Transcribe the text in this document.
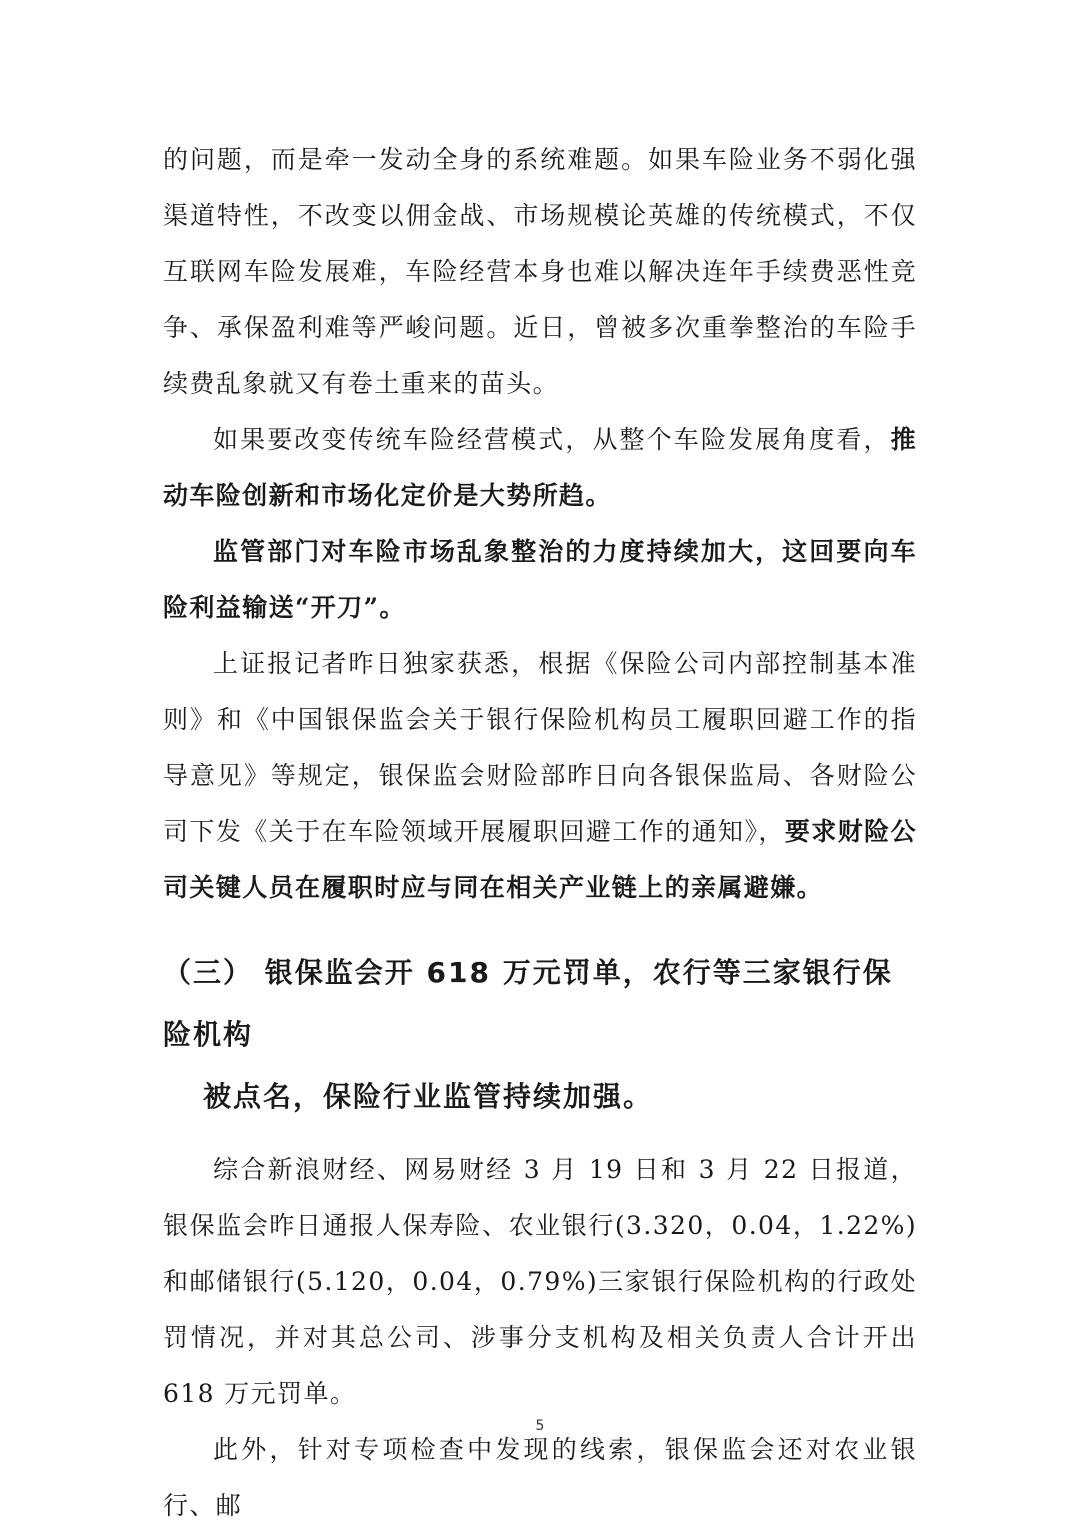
的问题，而是牵一发动全身的系统难题。如果车险业务不弱化强渠道特性，不改变以佣金战、市场规模论英雄的传统模式，不仅互联网车险发展难，车险经营本身也难以解决连年手续费恶性竞争、承保盈利难等严峻问题。近日，曾被多次重拳整治的车险手续费乱象就又有卷土重来的苗头。

如果要改变传统车险经营模式，从整个车险发展角度看，推动车险创新和市场化定价是大势所趋。

监管部门对车险市场乱象整治的力度持续加大，这回要向车险利益输送“开刀”。

上证报记者昨日独家获悉，根据《保险公司内部控制基本准则》和《中国银保监会关于银行保险机构员工履职回避工作的指导意见》等规定，银保监会财险部昨日向各银保监局、各财险公司下发《关于在车险领域开展履职回避工作的通知》，要求财险公司关键人员在履职时应与同在相关产业链上的亲属避嫌。

（三） 银保监会开 618 万元罚单，农行等三家银行保险机构
被点名，保险行业监管持续加强。

综合新浪财经、网易财经 3 月 19 日和 3 月 22 日报道，银保监会昨日通报人保寿险、农业银行(3.320，0.04，1.22%)和邮储银行(5.120，0.04，0.79%)三家银行保险机构的行政处罚情况，并对其总公司、涉事分支机构及相关负责人合计开出 618 万元罚单。

此外，针对专项检查中发现的线索，银保监会还对农业银行、邮

5
